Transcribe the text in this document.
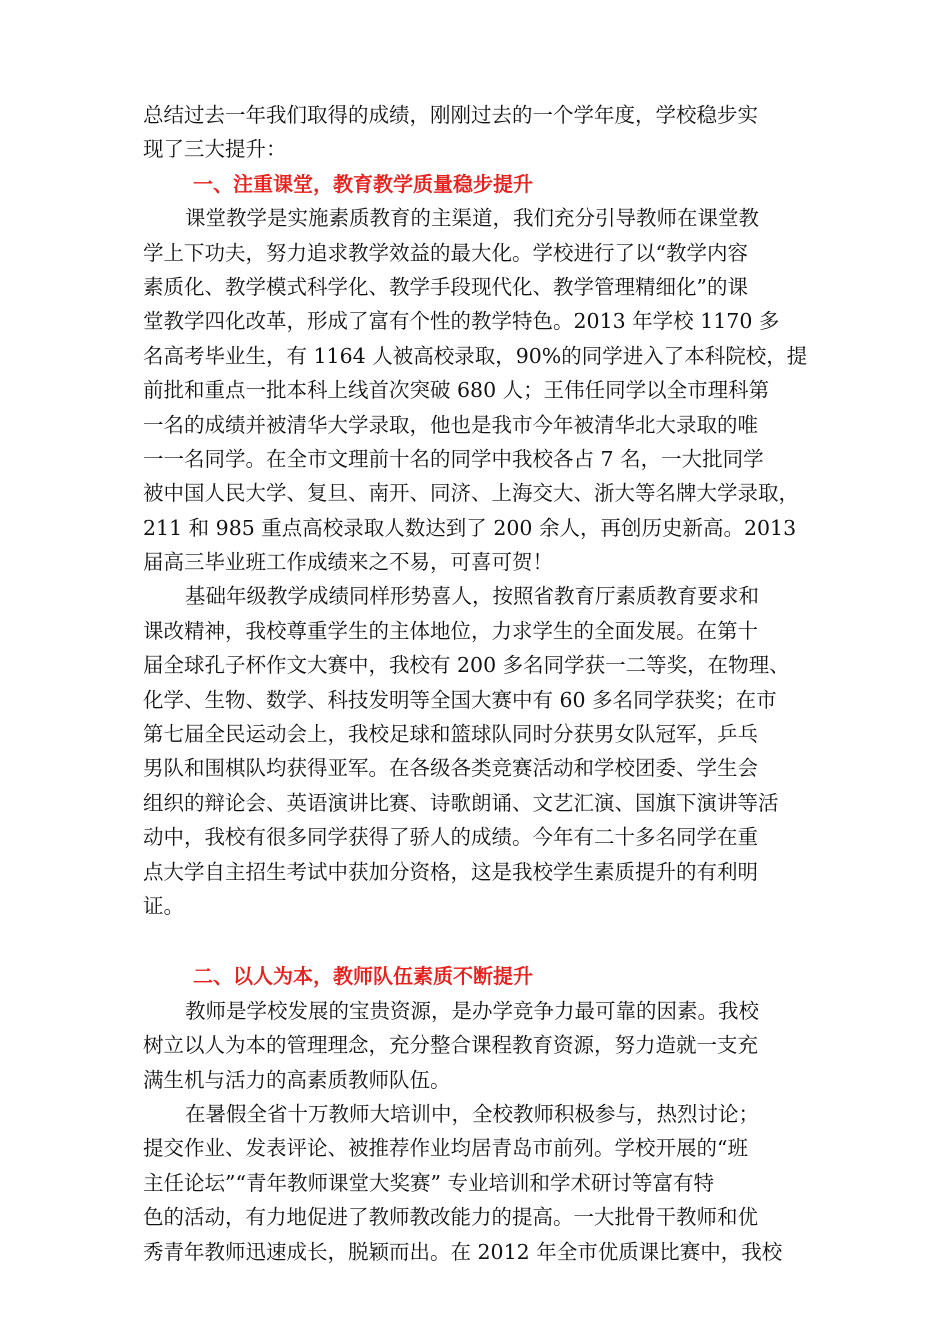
总结过去一年我们取得的成绩，刚刚过去的一个学年度，学校稳步实
现了三大提升：
一、注重课堂，教育教学质量稳步提升
课堂教学是实施素质教育的主渠道，我们充分引导教师在课堂教
学上下功夫，努力追求教学效益的最大化。学校进行了以“教学内容
素质化、教学模式科学化、教学手段现代化、教学管理精细化”的课
堂教学四化改革，形成了富有个性的教学特色。2013 年学校 1170 多
名高考毕业生，有 1164 人被高校录取，90%的同学进入了本科院校，提
前批和重点一批本科上线首次突破 680 人；王伟任同学以全市理科第
一名的成绩并被清华大学录取，他也是我市今年被清华北大录取的唯
一一名同学。在全市文理前十名的同学中我校各占 7 名，一大批同学
被中国人民大学、复旦、南开、同济、上海交大、浙大等名牌大学录取，
211 和 985 重点高校录取人数达到了 200 余人，再创历史新高。2013
届高三毕业班工作成绩来之不易，可喜可贺！
基础年级教学成绩同样形势喜人，按照省教育厅素质教育要求和
课改精神，我校尊重学生的主体地位，力求学生的全面发展。在第十
届全球孔子杯作文大赛中，我校有 200 多名同学获一二等奖，在物理、
化学、生物、数学、科技发明等全国大赛中有 60 多名同学获奖；在市
第七届全民运动会上，我校足球和篮球队同时分获男女队冠军，乒乓
男队和围棋队均获得亚军。在各级各类竞赛活动和学校团委、学生会
组织的辩论会、英语演讲比赛、诗歌朗诵、文艺汇演、国旗下演讲等活
动中，我校有很多同学获得了骄人的成绩。今年有二十多名同学在重
点大学自主招生考试中获加分资格，这是我校学生素质提升的有利明
证。
二、以人为本，教师队伍素质不断提升
教师是学校发展的宝贵资源，是办学竞争力最可靠的因素。我校
树立以人为本的管理理念，充分整合课程教育资源，努力造就一支充
满生机与活力的高素质教师队伍。
在暑假全省十万教师大培训中，全校教师积极参与，热烈讨论；
提交作业、发表评论、被推荐作业均居青岛市前列。学校开展的“班
主任论坛”“青年教师课堂大奖赛” 专业培训和学术研讨等富有特
色的活动，有力地促进了教师教改能力的提高。一大批骨干教师和优
秀青年教师迅速成长，脱颖而出。在 2012 年全市优质课比赛中，我校
